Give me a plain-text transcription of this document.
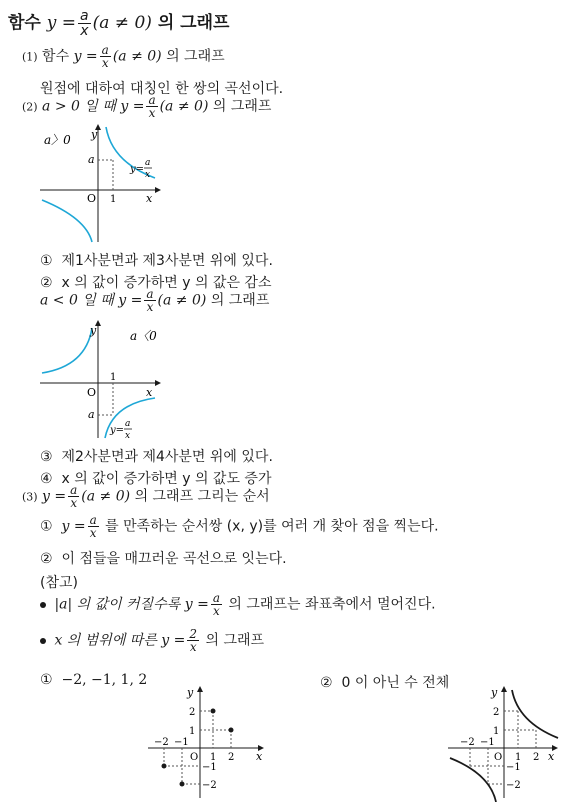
함수 $y = \frac{a}{x} (a \ne 0)$ 의 그래프
(1) 함수 $y = \frac{a}{x} (a \ne 0)$ 의 그래프
원점에 대하여 대칭인 한 쌍의 곡선이다.
(2) a > 0 일 때 $y = \frac{a}{x} (a \ne 0)$ 의 그래프
a〉0 y
x
O
a
1
y=
a
x
① 제1사분면과 제3사분면 위에 있다.
② x 의 값이 증가하면 y 의 값은 감소
a < 0 일 때 $y = \frac{a}{x} (a \ne 0)$ 의 그래프
a〈0
y
x
O
a
1
y=
a
x
③ 제2사분면과 제4사분면 위에 있다.
④ x 의 값이 증가하면 y 의 값도 증가
(3) $y = \frac{a}{x} (a \ne 0)$ 의 그래프 그리는 순서
① $y = \frac{a}{x}$ 를 만족하는 순서쌍 (x, y)를 여러 개 찾아 점을 찍는다.
② 이 점들을 매끄러운 곡선으로 잇는다.
(참고)
|a| 의 값이 커질수록 $y = \frac{a}{x}$ 의 그래프는 좌표축에서 멀어진다.
x 의 범위에 따른 $y = \frac{2}{x}$ 의 그래프
① −2, −1, 1, 2	② 0 이 아닌 수 전체
y
x
O
2
1
−1
−2
−2 −1
1 2
y
x
O
2
1
−1
−2
−2 −1
1 2
